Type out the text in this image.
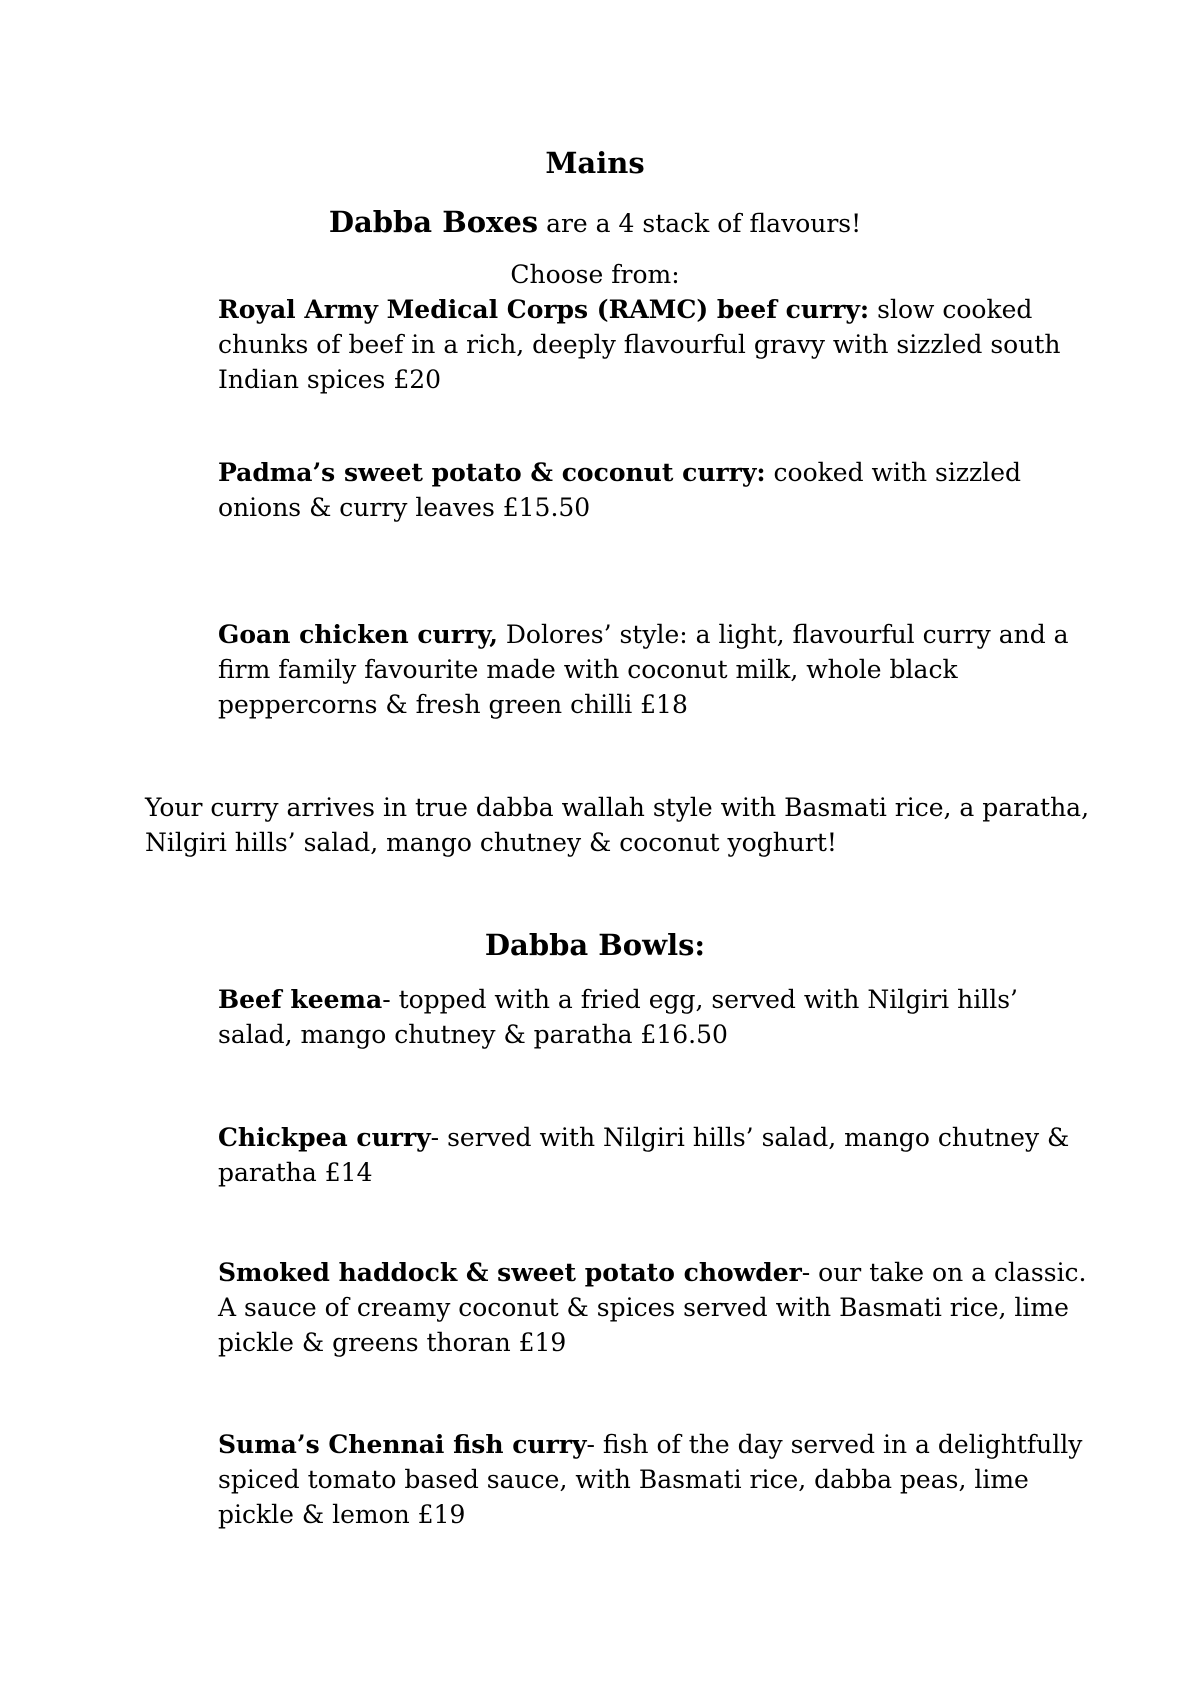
Mains
Dabba Boxes are a 4 stack of flavours!
Choose from:
Royal Army Medical Corps (RAMC) beef curry: slow cooked chunks of beef in a rich, deeply flavourful gravy with sizzled south Indian spices £20
Padma’s sweet potato & coconut curry: cooked with sizzled onions & curry leaves £15.50
Goan chicken curry, Dolores’ style: a light, flavourful curry and a firm family favourite made with coconut milk, whole black peppercorns & fresh green chilli £18
Your curry arrives in true dabba wallah style with Basmati rice, a paratha, Nilgiri hills’ salad, mango chutney & coconut yoghurt!
Dabba Bowls:
Beef keema- topped with a fried egg, served with Nilgiri hills’ salad, mango chutney & paratha £16.50
Chickpea curry- served with Nilgiri hills’ salad, mango chutney & paratha £14
Smoked haddock & sweet potato chowder- our take on a classic. A sauce of creamy coconut & spices served with Basmati rice, lime pickle & greens thoran £19
Suma’s Chennai fish curry- fish of the day served in a delightfully spiced tomato based sauce, with Basmati rice, dabba peas, lime pickle & lemon £19
